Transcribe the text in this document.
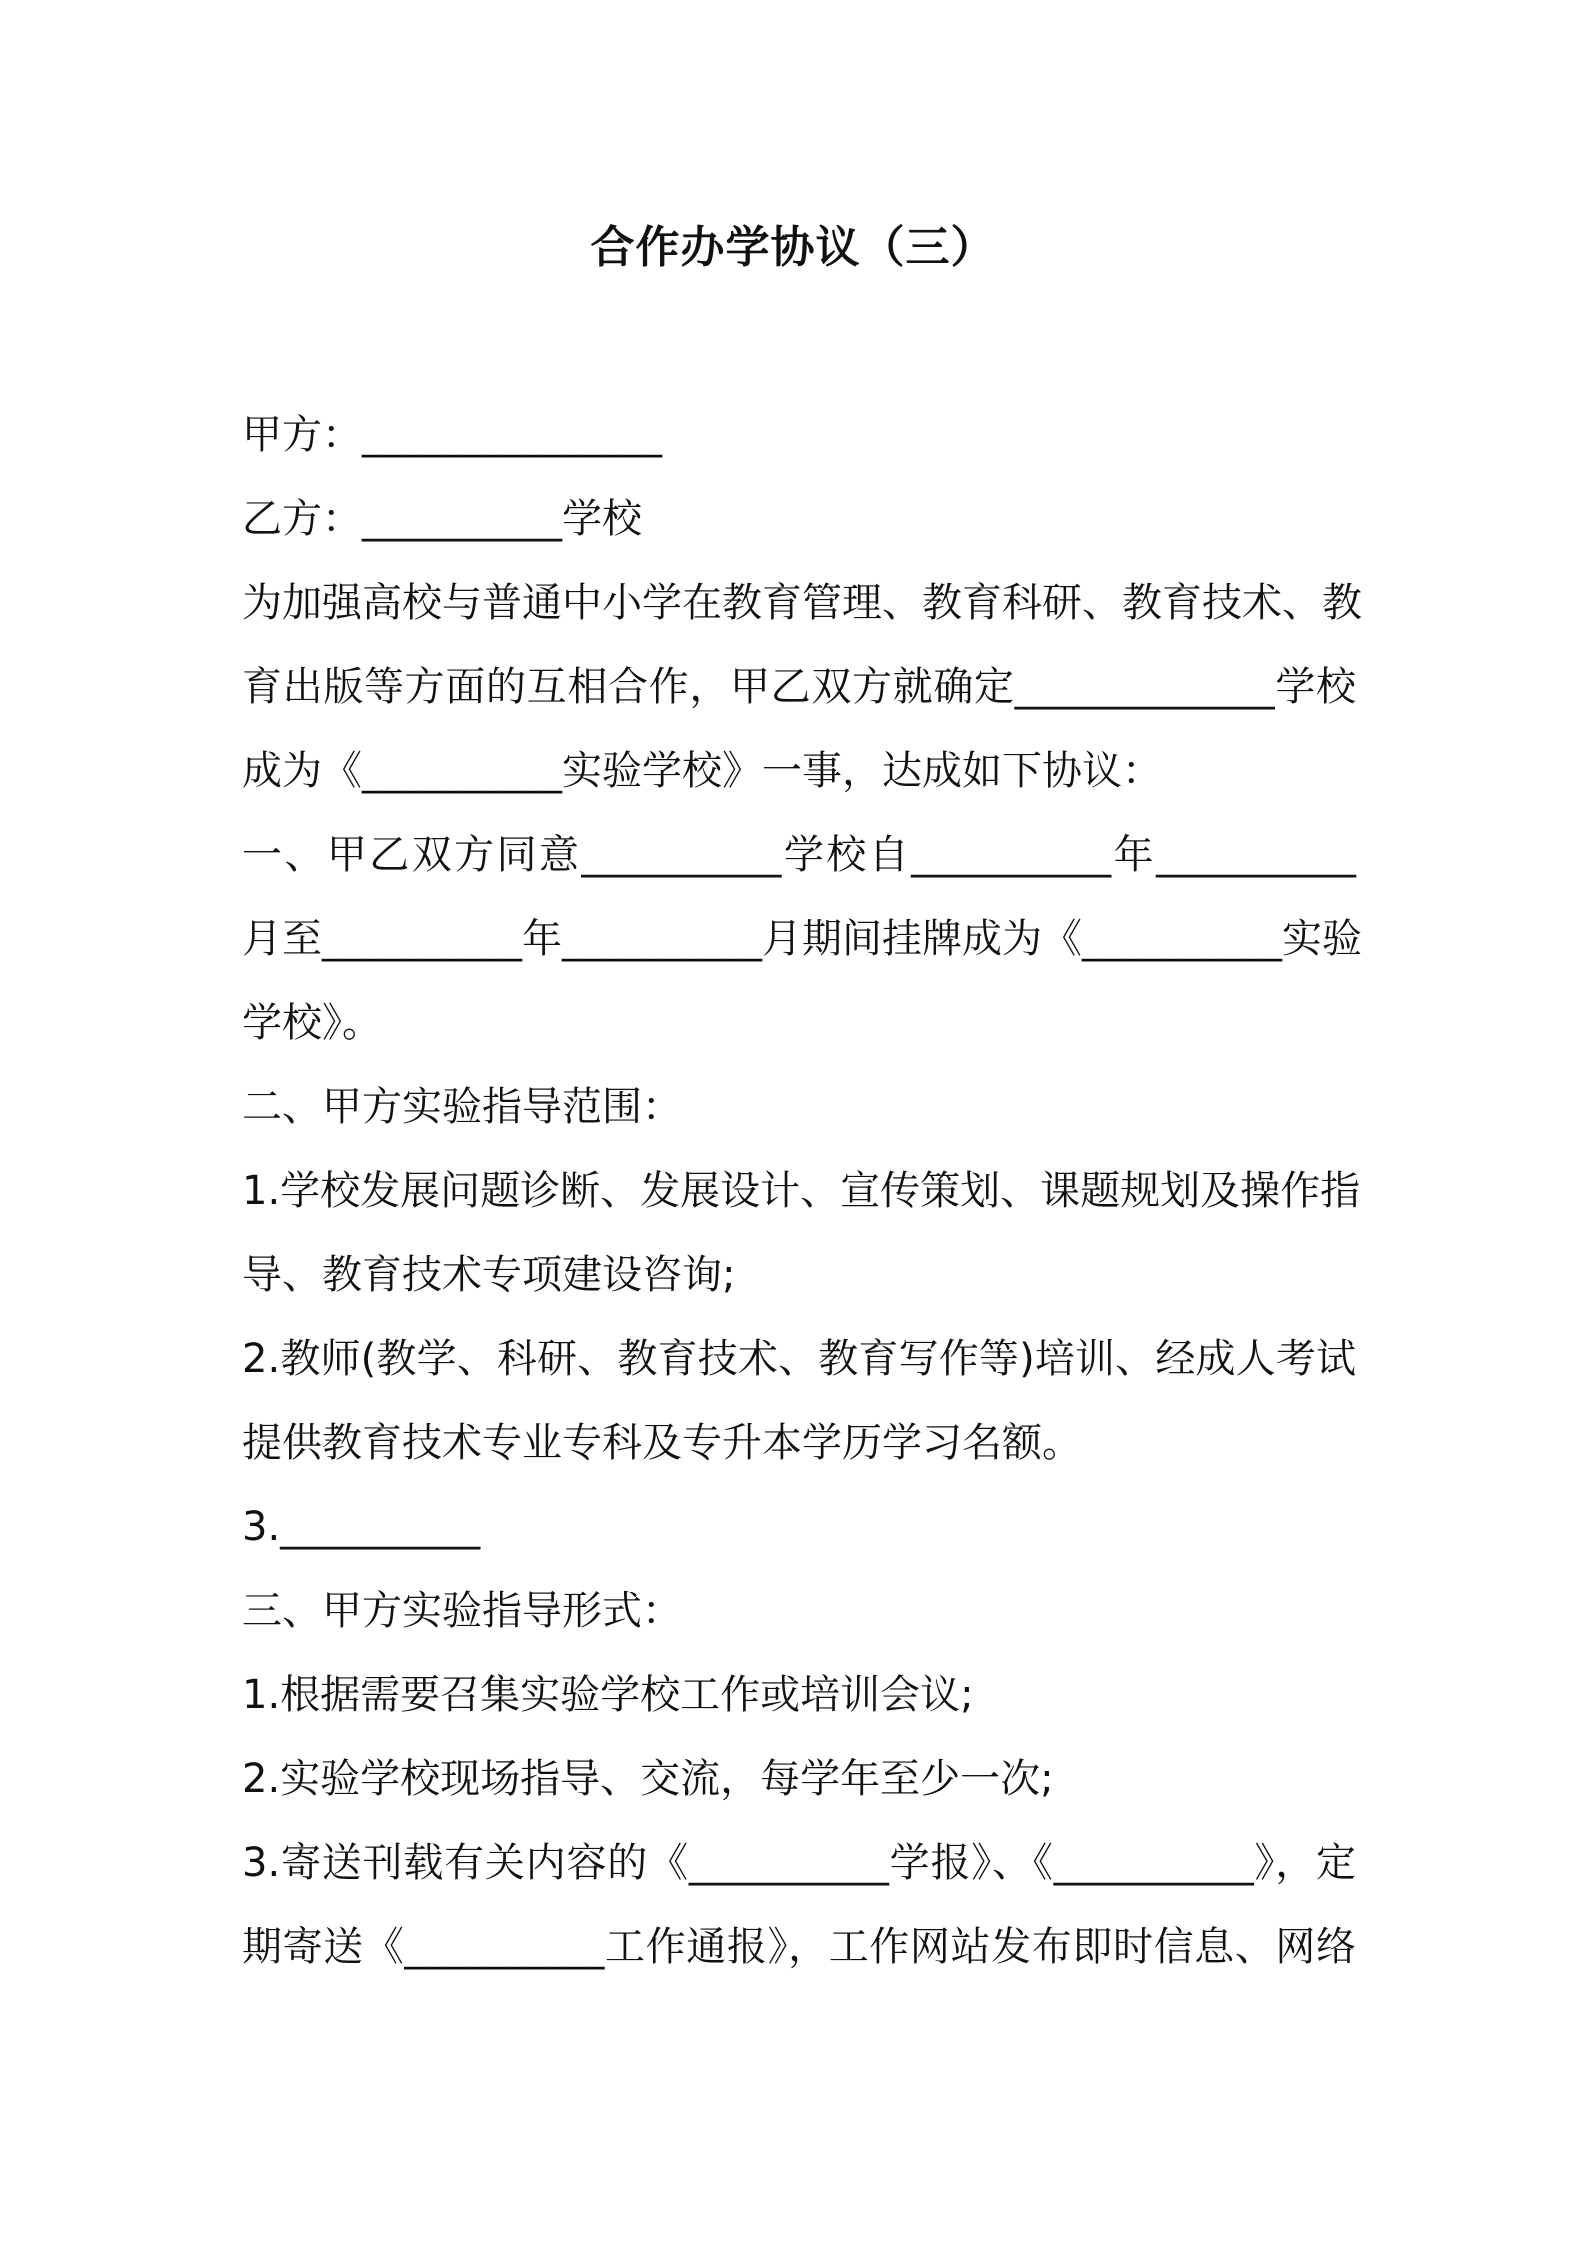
合作办学协议（三）
甲方：_______________
乙方：__________学校
为加强高校与普通中小学在教育管理、教育科研、教育技术、教
育出版等方面的互相合作，甲乙双方就确定_____________学校
成为《__________实验学校》一事，达成如下协议：
一、甲乙双方同意__________学校自__________年__________
月至__________年__________月期间挂牌成为《__________实验
学校》。
二、甲方实验指导范围：
1.学校发展问题诊断、发展设计、宣传策划、课题规划及操作指
导、教育技术专项建设咨询;
2.教师(教学、科研、教育技术、教育写作等)培训、经成人考试
提供教育技术专业专科及专升本学历学习名额。
3.__________
三、甲方实验指导形式：
1.根据需要召集实验学校工作或培训会议;
2.实验学校现场指导、交流，每学年至少一次;
3.寄送刊载有关内容的《__________学报》、《__________》，定
期寄送《__________工作通报》，工作网站发布即时信息、网络
